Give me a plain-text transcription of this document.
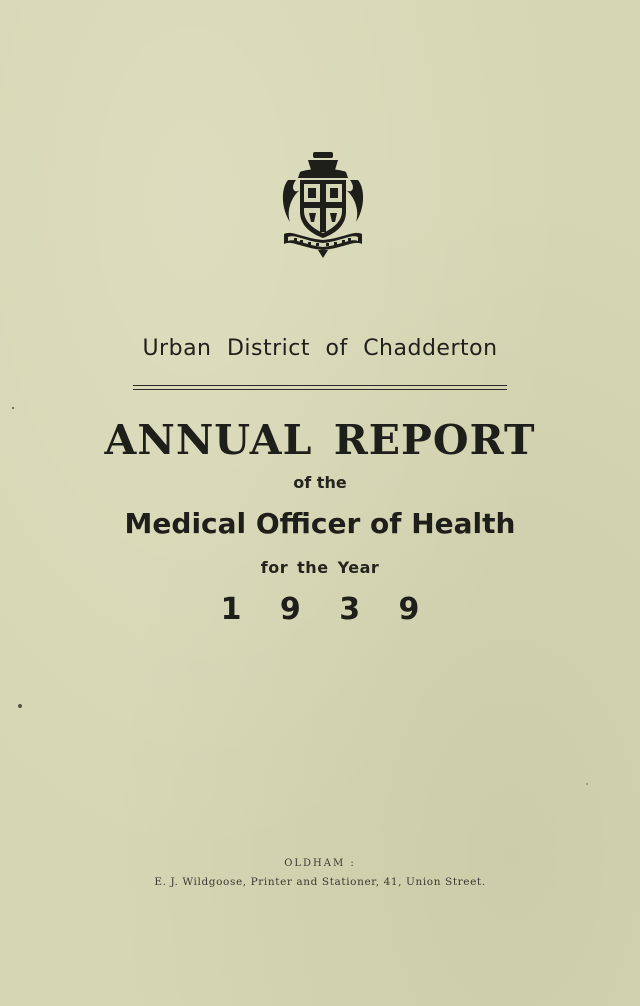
Urban District of Chadderton
ANNUAL REPORT
of the
Medical Officer of Health
for the Year
1 9 3 9
OLDHAM :
E. J. Wildgoose, Printer and Stationer, 41, Union Street.
